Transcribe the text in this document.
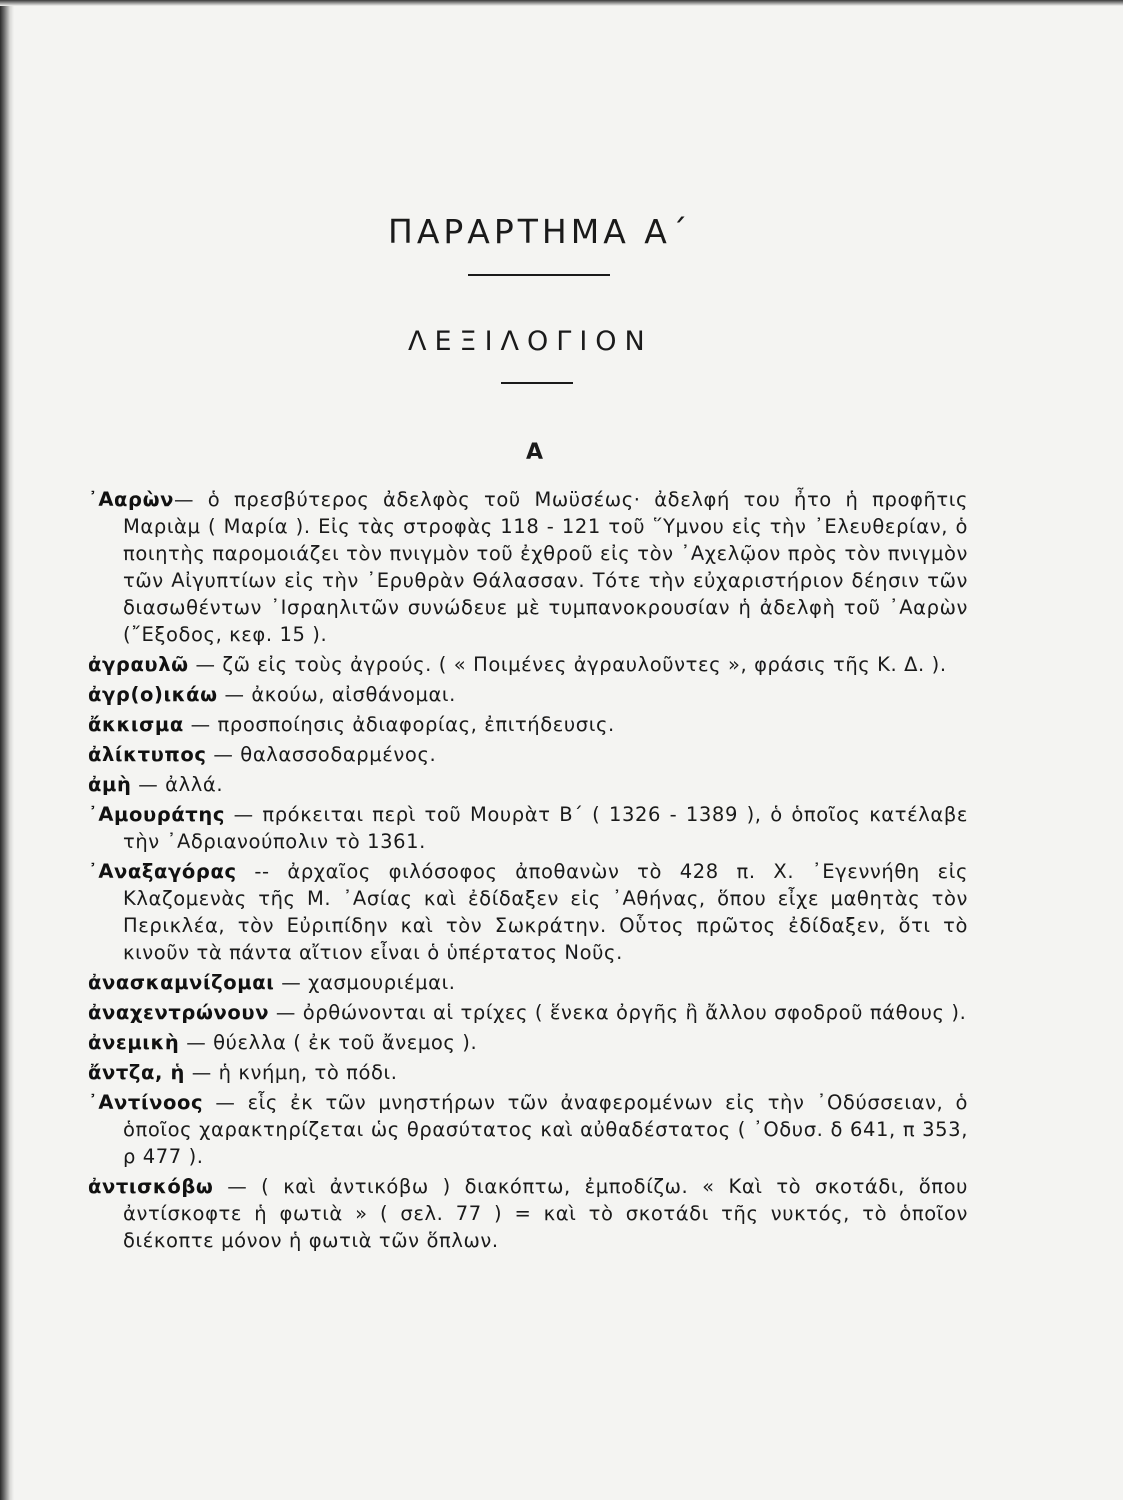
ΠΑΡΑΡΤΗΜΑ Α΄
ΛΕΞΙΛΟΓΙΟΝ
Α

᾿Ααρὼν— ὁ πρεσβύτερος ἀδελφὸς τοῦ Μωϋσέως· ἀδελφή του ἦτο ἡ προφῆτις Μαριὰμ ( Μαρία ). Εἰς τὰς στροφὰς 118 - 121 τοῦ ῞Υμνου εἰς τὴν ᾿Ελευθερίαν, ὁ ποιητὴς παρομοιάζει τὸν πνιγμὸν τοῦ ἐχθροῦ εἰς τὸν ᾿Αχελῷον πρὸς τὸν πνιγμὸν τῶν Αἰγυπτίων εἰς τὴν ᾿Ερυθρὰν Θάλασσαν. Τότε τὴν εὐχαριστήριον δέησιν τῶν διασωθέντων ᾿Ισραηλιτῶν συνώδευε μὲ τυμπανοκρουσίαν ἡ ἀδελφὴ τοῦ ᾿Ααρὼν (῎Εξοδος, κεφ. 15 ).

ἀγραυλῶ — ζῶ εἰς τοὺς ἀγρούς. ( « Ποιμένες ἀγραυλοῦντες », φράσις τῆς Κ. Δ. ).

ἀγρ(ο)ικάω — ἀκούω, αἰσθάνομαι.

ἄκκισμα — προσποίησις ἀδιαφορίας, ἐπιτήδευσις.

ἀλίκτυπος — θαλασσοδαρμένος.

ἀμὴ — ἀλλά.

᾿Αμουράτης — πρόκειται περὶ τοῦ Μουρὰτ Β΄ ( 1326 - 1389 ), ὁ ὁποῖος κατέλαβε τὴν ᾿Αδριανούπολιν τὸ 1361.

᾿Αναξαγόρας -- ἀρχαῖος φιλόσοφος ἀποθανὼν τὸ 428 π. Χ. ᾿Εγεννήθη εἰς Κλαζομενὰς τῆς Μ. ᾿Ασίας καὶ ἐδίδαξεν εἰς ᾿Αθήνας, ὅπου εἶχε μαθητὰς τὸν Περικλέα, τὸν Εὐριπίδην καὶ τὸν Σωκράτην. Οὗτος πρῶτος ἐδίδαξεν, ὅτι τὸ κινοῦν τὰ πάντα αἴτιον εἶναι ὁ ὑπέρτατος Νοῦς.

ἀνασκαμνίζομαι — χασμουριέμαι.

ἀναχεντρώνουν — ὀρθώνονται αἱ τρίχες ( ἕνεκα ὀργῆς ἢ ἄλλου σφοδροῦ πάθους ).

ἀνεμικὴ — θύελλα ( ἐκ τοῦ ἄνεμος ).

ἄντζα, ἡ — ἡ κνήμη, τὸ πόδι.

᾿Αντίνοος — εἷς ἐκ τῶν μνηστήρων τῶν ἀναφερομένων εἰς τὴν ᾿Οδύσσειαν, ὁ ὁποῖος χαρακτηρίζεται ὡς θρασύτατος καὶ αὐθαδέστατος ( ᾿Οδυσ. δ 641, π 353, ρ 477 ).

ἀντισκόβω — ( καὶ ἀντικόβω ) διακόπτω, ἐμποδίζω. « Καὶ τὸ σκοτάδι, ὅπου ἀντίσκοφτε ἡ φωτιὰ » ( σελ. 77 ) = καὶ τὸ σκοτάδι τῆς νυκτός, τὸ ὁποῖον διέκοπτε μόνον ἡ φωτιὰ τῶν ὅπλων.
